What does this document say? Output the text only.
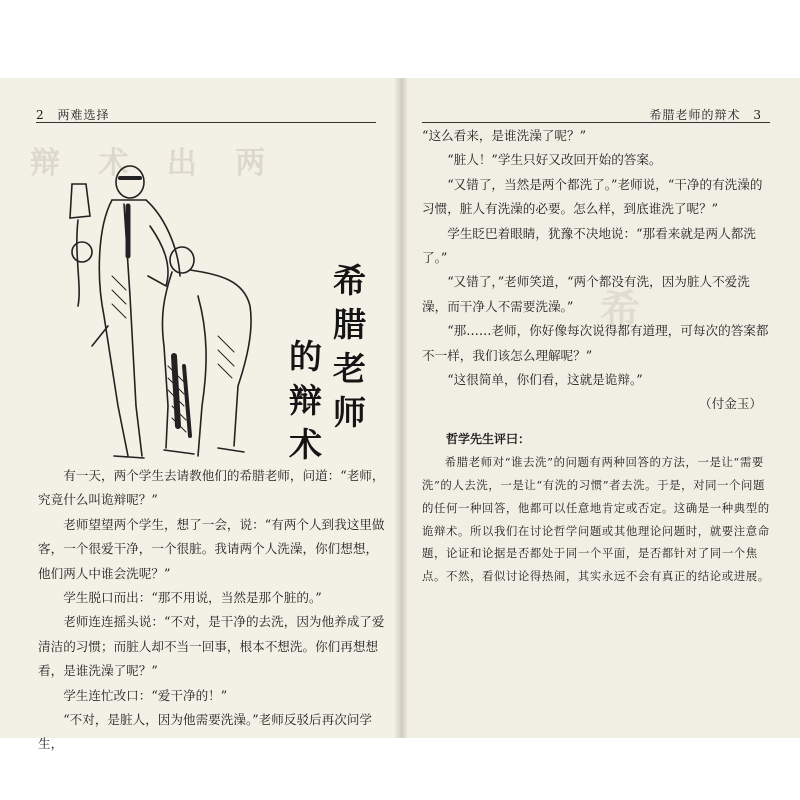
辩 术 出 两
2 两难选择
希
腊
老
的
师
辩
术

有一天，两个学生去请教他们的希腊老师，问道：“老师，究竟什么叫诡辩呢？”

老师望望两个学生，想了一会，说：“有两个人到我这里做客，一个很爱干净，一个很脏。我请两个人洗澡，你们想想，他们两人中谁会洗呢？”

学生脱口而出：“那不用说，当然是那个脏的。”

老师连连摇头说：“不对，是干净的去洗，因为他养成了爱清洁的习惯；而脏人却不当一回事，根本不想洗。你们再想想看，是谁洗澡了呢？”

学生连忙改口：“爱干净的！”

“不对，是脏人，因为他需要洗澡。”老师反驳后再次问学生，

希
希腊老师的辩术 3

“这么看来，是谁洗澡了呢？”

“脏人！”学生只好又改回开始的答案。

“又错了，当然是两个都洗了。”老师说，“干净的有洗澡的习惯，脏人有洗澡的必要。怎么样，到底谁洗了呢？”

学生眨巴着眼睛，犹豫不决地说：“那看来就是两人都洗了。”

“又错了，”老师笑道，“两个都没有洗，因为脏人不爱洗澡，而干净人不需要洗澡。”

“那……老师，你好像每次说得都有道理，可每次的答案都不一样，我们该怎么理解呢？”

“这很简单，你们看，这就是诡辩。”

（付金玉）
哲学先生评曰：

希腊老师对“谁去洗”的问题有两种回答的方法，一是让“需要洗”的人去洗，一是让“有洗的习惯”者去洗。于是，对同一个问题的任何一种回答，他都可以任意地肯定或否定。这确是一种典型的诡辩术。所以我们在讨论哲学问题或其他理论问题时，就要注意命题，论证和论据是否都处于同一个平面，是否都针对了同一个焦点。不然，看似讨论得热闹，其实永远不会有真正的结论或进展。
